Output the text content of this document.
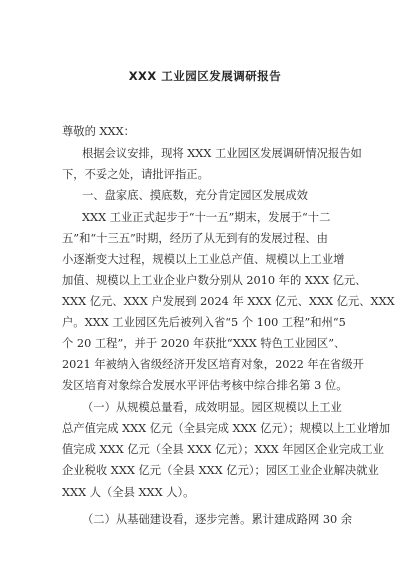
XXX 工业园区发展调研报告
尊敬的 XXX：
根据会议安排，现将 XXX 工业园区发展调研情况报告如
下，不妥之处，请批评指正。
一、盘家底、摸底数，充分肯定园区发展成效
XXX 工业正式起步于“十一五”期末，发展于“十二
五”和“十三五”时期，经历了从无到有的发展过程、由
小逐渐变大过程，规模以上工业总产值、规模以上工业增
加值、规模以上工业企业户数分别从 2010 年的 XXX 亿元、
XXX 亿元、XXX 户发展到 2024 年 XXX 亿元、XXX 亿元、XXX
户。XXX 工业园区先后被列入省“5 个 100 工程”和州“5
个 20 工程”，并于 2020 年获批“XXX 特色工业园区”、
2021 年被纳入省级经济开发区培育对象，2022 年在省级开
发区培育对象综合发展水平评估考核中综合排名第 3 位。
（一）从规模总量看，成效明显。园区规模以上工业
总产值完成 XXX 亿元（全县完成 XXX 亿元）；规模以上工业增加
值完成 XXX 亿元（全县 XXX 亿元）；XXX 年园区企业完成工业
企业税收 XXX 亿元（全县 XXX 亿元）；园区工业企业解决就业
XXX 人（全县 XXX 人）。
（二）从基础建设看，逐步完善。累计建成路网 30 余
